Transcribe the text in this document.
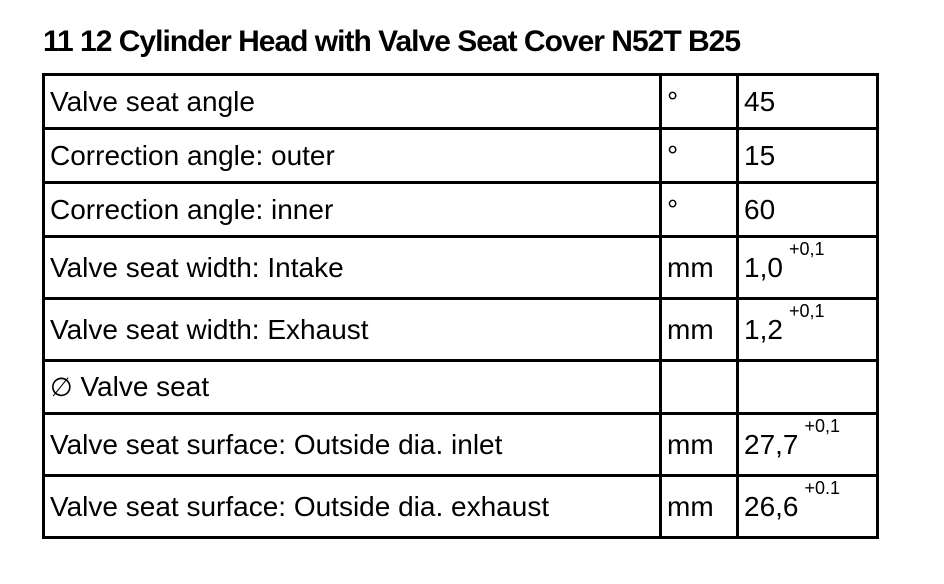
11 12 Cylinder Head with Valve Seat Cover N52T B25
Valve seat angle	°	45
Correction angle: outer	°	15
Correction angle: inner	°	60
Valve seat width: Intake	mm	$1,0^{+0,1}$
Valve seat width: Exhaust	mm	$1,2^{+0,1}$
∅ Valve seat		
Valve seat surface: Outside dia. inlet	mm	$27,7^{+0,1}$
Valve seat surface: Outside dia. exhaust	mm	$26,6^{+0.1}$
